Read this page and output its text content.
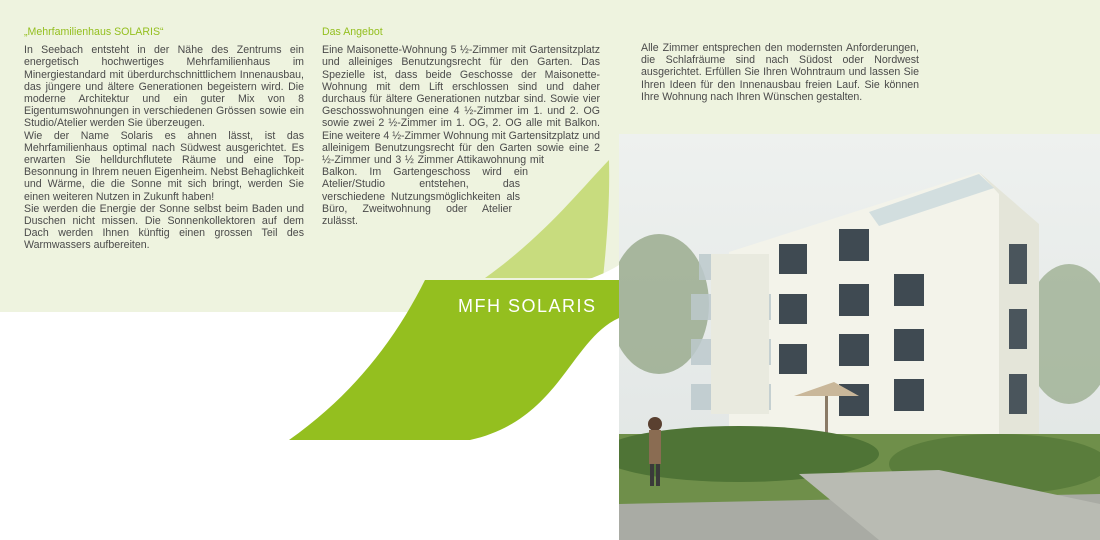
„Mehrfamilienhaus SOLARIS“

In Seebach entsteht in der Nähe des Zentrums ein energetisch hochwertiges Mehrfamilienhaus im Minergiestandard mit überdurchschnittlichem Innenausbau, das jüngere und ältere Generationen begeistern wird. Die moderne Architektur und ein guter Mix von 8 Eigentumswohnungen in verschiedenen Grössen sowie ein Studio/Atelier werden Sie überzeugen.

Wie der Name Solaris es ahnen lässt, ist das Mehrfamilienhaus optimal nach Südwest ausgerichtet. Es erwarten Sie helldurchflutete Räume und eine Top-Besonnung in Ihrem neuen Eigenheim. Nebst Behaglichkeit und Wärme, die die Sonne mit sich bringt, werden Sie einen weiteren Nutzen in Zukunft haben!

Sie werden die Energie der Sonne selbst beim Baden und Duschen nicht missen. Die Sonnenkollektoren auf dem Dach werden Ihnen künftig einen grossen Teil des Warmwassers aufbereiten.

Das Angebot

Eine Maisonette-Wohnung 5 ½-Zimmer mit Gartensitzplatz und alleiniges Benutzungsrecht für den Garten. Das Spezielle ist, dass beide Geschosse der Maisonette-Wohnung mit dem Lift erschlossen sind und daher durchaus für ältere Generationen nutzbar sind. Sowie vier Geschosswohnungen eine 4 ½-Zimmer im 1. und 2. OG sowie zwei 2 ½-Zimmer im 1. OG, 2. OG alle mit Balkon. Eine weitere 4 ½-Zimmer Wohnung mit Gartensitzplatz und alleinigem Benutzungsrecht für den Garten sowie eine 2 ½-Zimmer und 3 ½ Zimmer Attikawohnung mit Balkon. Im Gartengeschoss wird ein Atelier/Studio entstehen, das verschiedene Nutzungsmöglichkeiten als Büro, Zweitwohnung oder Atelier zulässt.

Alle Zimmer entsprechen den modernsten Anforderungen, die Schlafräume sind nach Südost oder Nordwest ausgerichtet. Erfüllen Sie Ihren Wohntraum und lassen Sie Ihren Ideen für den Innenausbau freien Lauf. Sie können Ihre Wohnung nach Ihren Wünschen gestalten.

MFH SOLARIS
